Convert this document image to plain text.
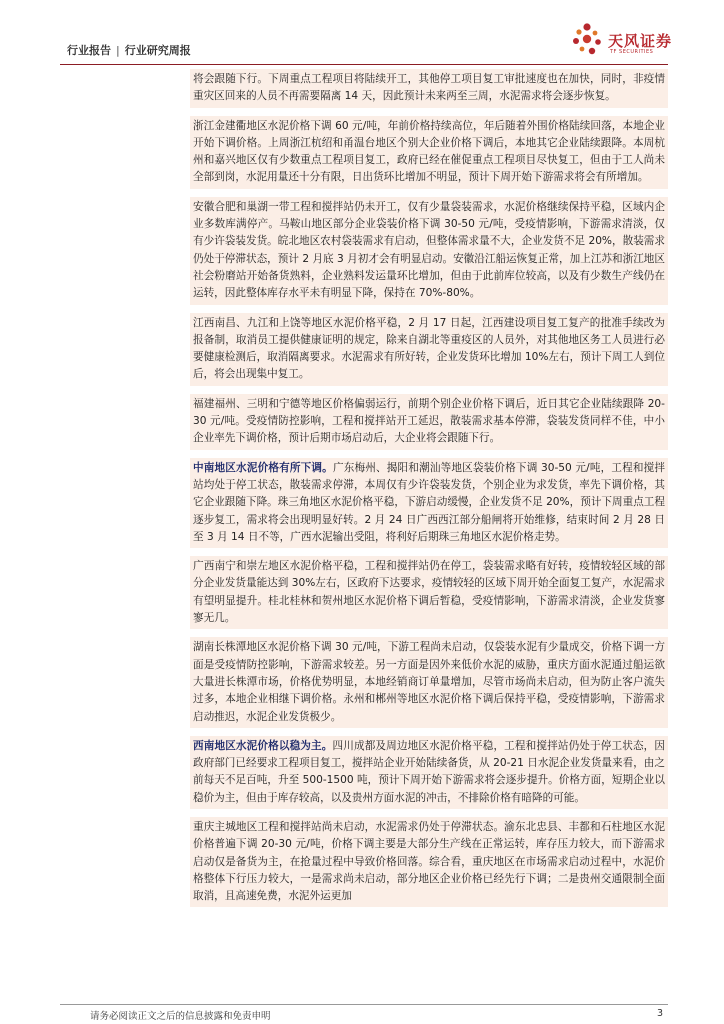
行业报告 | 行业研究周报
天风证券
TF SECURITIES
将会跟随下行。下周重点工程项目将陆续开工，其他停工项目复工审批速度也在加快，同时，非疫情重灾区回来的人员不再需要隔离 14 天，因此预计未来两至三周，水泥需求将会逐步恢复。
浙江金建衢地区水泥价格下调 60 元/吨，年前价格持续高位，年后随着外围价格陆续回落，本地企业开始下调价格。上周浙江杭绍和甬温台地区个别大企业价格下调后，本地其它企业陆续跟降。本周杭州和嘉兴地区仅有少数重点工程项目复工，政府已经在催促重点工程项目尽快复工，但由于工人尚未全部到岗，水泥用量还十分有限，日出货环比增加不明显，预计下周开始下游需求将会有所增加。
安徽合肥和巢湖一带工程和搅拌站仍未开工，仅有少量袋装需求，水泥价格继续保持平稳，区域内企业多数库满停产。马鞍山地区部分企业袋装价格下调 30-50 元/吨，受疫情影响，下游需求清淡，仅有少许袋装发货。皖北地区农村袋装需求有启动，但整体需求量不大，企业发货不足 20%，散装需求仍处于停滞状态，预计 2 月底 3 月初才会有明显启动。安徽沿江船运恢复正常，加上江苏和浙江地区社会粉磨站开始备货熟料，企业熟料发运量环比增加，但由于此前库位较高，以及有少数生产线仍在运转，因此整体库存水平未有明显下降，保持在 70%-80%。
江西南昌、九江和上饶等地区水泥价格平稳，2 月 17 日起，江西建设项目复工复产的批准手续改为报备制，取消员工提供健康证明的规定，除来自湖北等重疫区的人员外，对其他地区务工人员进行必要健康检测后，取消隔离要求。水泥需求有所好转，企业发货环比增加 10%左右，预计下周工人到位后，将会出现集中复工。
福建福州、三明和宁德等地区价格偏弱运行，前期个别企业价格下调后，近日其它企业陆续跟降 20-30 元/吨。受疫情防控影响，工程和搅拌站开工延迟，散装需求基本停滞，袋装发货同样不佳，中小企业率先下调价格，预计后期市场启动后，大企业将会跟随下行。
中南地区水泥价格有所下调。广东梅州、揭阳和潮汕等地区袋装价格下调 30-50 元/吨，工程和搅拌站均处于停工状态，散装需求停滞，本周仅有少许袋装发货，个别企业为求发货，率先下调价格，其它企业跟随下降。珠三角地区水泥价格平稳，下游启动缓慢，企业发货不足 20%，预计下周重点工程逐步复工，需求将会出现明显好转。2 月 24 日广西西江部分船闸将开始维修，结束时间 2 月 28 日至 3 月 14 日不等，广西水泥输出受阻，将利好后期珠三角地区水泥价格走势。
广西南宁和崇左地区水泥价格平稳，工程和搅拌站仍在停工，袋装需求略有好转，疫情较轻区域的部分企业发货量能达到 30%左右，区政府下达要求，疫情较轻的区域下周开始全面复工复产，水泥需求有望明显提升。桂北桂林和贺州地区水泥价格下调后暂稳，受疫情影响，下游需求清淡，企业发货寥寥无几。
湖南长株潭地区水泥价格下调 30 元/吨，下游工程尚未启动，仅袋装水泥有少量成交，价格下调一方面是受疫情防控影响，下游需求较差。另一方面是因外来低价水泥的威胁，重庆方面水泥通过船运欲大量进长株潭市场，价格优势明显，本地经销商订单量增加，尽管市场尚未启动，但为防止客户流失过多，本地企业相继下调价格。永州和郴州等地区水泥价格下调后保持平稳，受疫情影响，下游需求启动推迟，水泥企业发货极少。
西南地区水泥价格以稳为主。四川成都及周边地区水泥价格平稳，工程和搅拌站仍处于停工状态，因政府部门已经要求工程项目复工，搅拌站企业开始陆续备货，从 20-21 日水泥企业发货量来看，由之前每天不足百吨，升至 500-1500 吨，预计下周开始下游需求将会逐步提升。价格方面，短期企业以稳价为主，但由于库存较高，以及贵州方面水泥的冲击，不排除价格有暗降的可能。
重庆主城地区工程和搅拌站尚未启动，水泥需求仍处于停滞状态。渝东北忠县、丰都和石柱地区水泥价格普遍下调 20-30 元/吨，价格下调主要是大部分生产线在正常运转，库存压力较大，而下游需求启动仅是备货为主，在抢量过程中导致价格回落。综合看，重庆地区在市场需求启动过程中，水泥价格整体下行压力较大，一是需求尚未启动，部分地区企业价格已经先行下调；二是贵州交通限制全面取消，且高速免费，水泥外运更加
请务必阅读正文之后的信息披露和免责申明	3
